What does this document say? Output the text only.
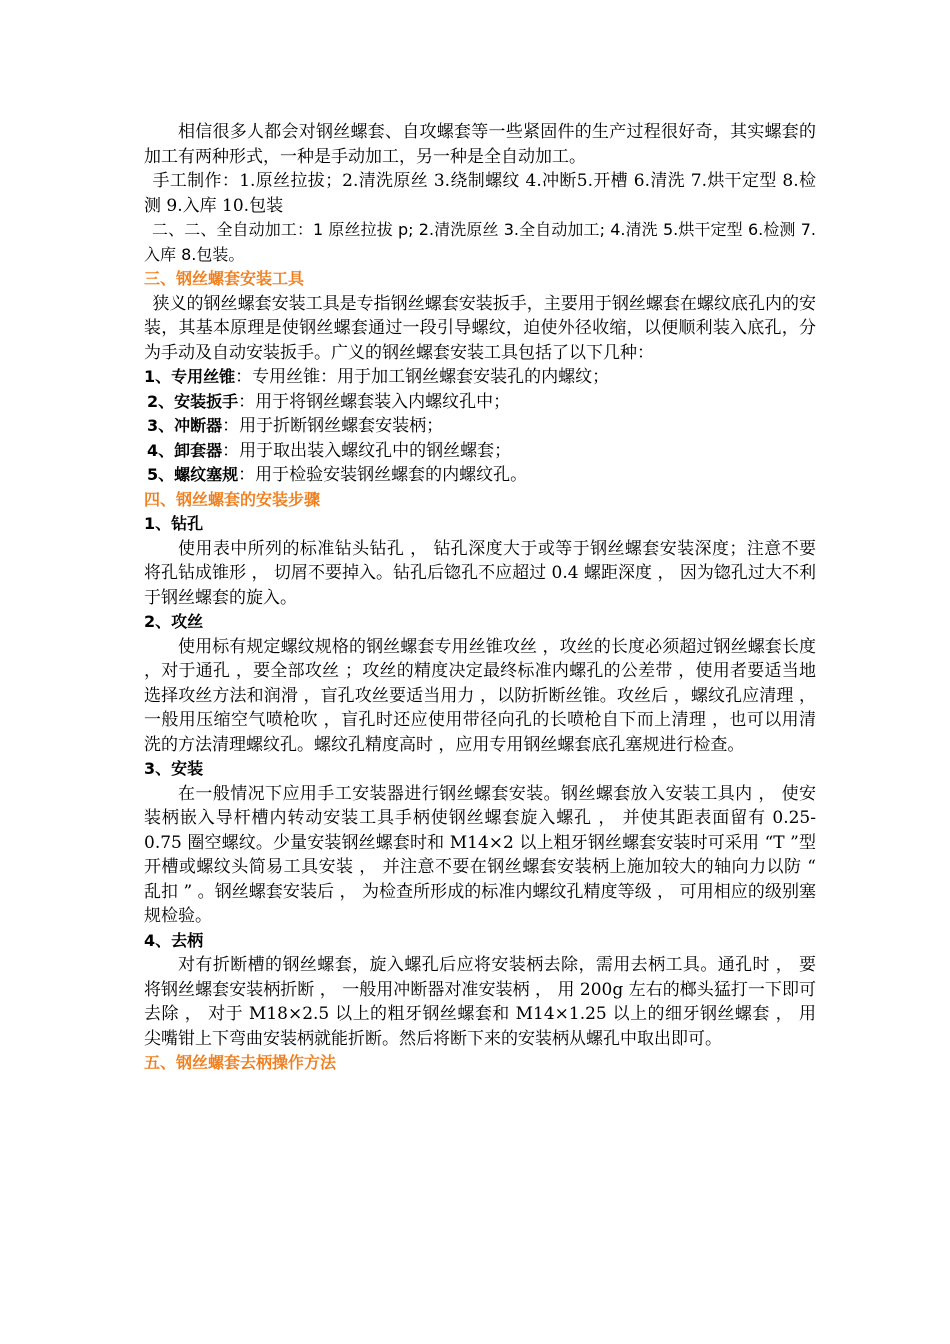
相信很多人都会对钢丝螺套、自攻螺套等一些紧固件的生产过程很好奇，其实螺套的加工有两种形式，一种是手动加工，另一种是全自动加工。

手工制作：1.原丝拉拔；2.清洗原丝 3.绕制螺纹 4.冲断5.开槽 6.清洗 7.烘干定型 8.检测 9.入库 10.包装

二、二、全自动加工：1 原丝拉拔 p; 2.清洗原丝 3.全自动加工; 4.清洗 5.烘干定型 6.检测 7.入库 8.包装。

三、钢丝螺套安装工具

狭义的钢丝螺套安装工具是专指钢丝螺套安装扳手，主要用于钢丝螺套在螺纹底孔内的安装，其基本原理是使钢丝螺套通过一段引导螺纹，迫使外径收缩，以便顺利装入底孔，分为手动及自动安装扳手。广义的钢丝螺套安装工具包括了以下几种：

1、专用丝锥：专用丝锥：用于加工钢丝螺套安装孔的内螺纹；

2、安装扳手：用于将钢丝螺套装入内螺纹孔中；

3、冲断器：用于折断钢丝螺套安装柄；

4、卸套器：用于取出装入螺纹孔中的钢丝螺套；

5、螺纹塞规：用于检验安装钢丝螺套的内螺纹孔。

四、钢丝螺套的安装步骤

1、钻孔

使用表中所列的标准钻头钻孔 ， 钻孔深度大于或等于钢丝螺套安装深度；注意不要将孔钻成锥形 ， 切屑不要掉入。钻孔后锪孔不应超过 0.4 螺距深度 ， 因为锪孔过大不利于钢丝螺套的旋入。

2、攻丝

使用标有规定螺纹规格的钢丝螺套专用丝锥攻丝 ，攻丝的长度必须超过钢丝螺套长度 ，对于通孔 ，要全部攻丝 ；攻丝的精度决定最终标准内螺孔的公差带 ，使用者要适当地选择攻丝方法和润滑 ，盲孔攻丝要适当用力 ，以防折断丝锥。攻丝后 ，螺纹孔应清理 ，一般用压缩空气喷枪吹 ，盲孔时还应使用带径向孔的长喷枪自下而上清理 ，也可以用清洗的方法清理螺纹孔。螺纹孔精度高时 ，应用专用钢丝螺套底孔塞规进行检查。

3、安装

在一般情况下应用手工安装器进行钢丝螺套安装。钢丝螺套放入安装工具内 ， 使安装柄嵌入导杆槽内转动安装工具手柄使钢丝螺套旋入螺孔 ， 并使其距表面留有 0.25-0.75 圈空螺纹。少量安装钢丝螺套时和 M14×2 以上粗牙钢丝螺套安装时可采用 “T ”型开槽或螺纹头简易工具安装 ， 并注意不要在钢丝螺套安装柄上施加较大的轴向力以防 “ 乱扣 ” 。钢丝螺套安装后 ， 为检查所形成的标准内螺纹孔精度等级 ， 可用相应的级别塞规检验。

4、去柄

对有折断槽的钢丝螺套，旋入螺孔后应将安装柄去除，需用去柄工具。通孔时 ， 要将钢丝螺套安装柄折断 ， 一般用冲断器对准安装柄 ， 用 200g 左右的榔头猛打一下即可去除 ， 对于 M18×2.5 以上的粗牙钢丝螺套和 M14×1.25 以上的细牙钢丝螺套 ， 用尖嘴钳上下弯曲安装柄就能折断。然后将断下来的安装柄从螺孔中取出即可。

五、钢丝螺套去柄操作方法
